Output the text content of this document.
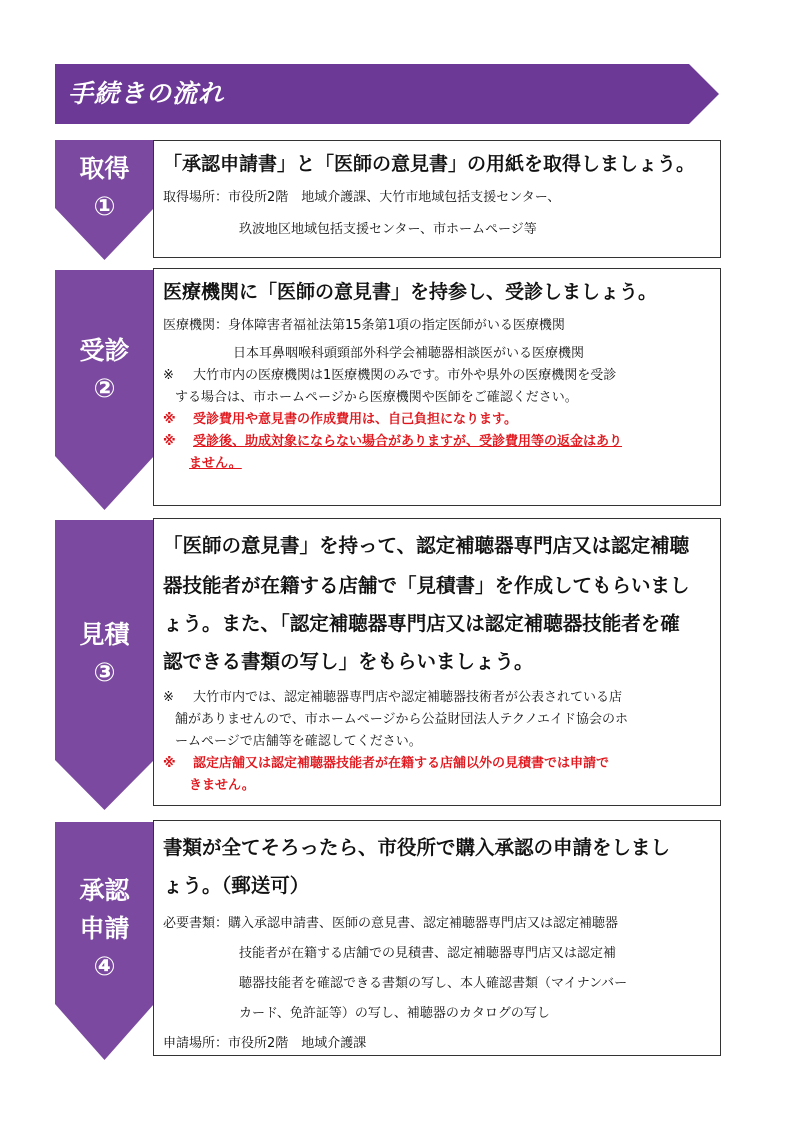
手続きの流れ
取得
①
「承認申請書」と「医師の意見書」の用紙を取得しましょう。

取得場所：市役所2階　地域介護課、大竹市地域包括支援センター、

玖波地区地域包括支援センター、市ホームページ等

受診
②
医療機関に「医師の意見書」を持参し、受診しましょう。

医療機関：身体障害者福祉法第15条第1項の指定医師がいる医療機関

日本耳鼻咽喉科頭頸部外科学会補聴器相談医がいる医療機関

※ 大竹市内の医療機関は1医療機関のみです。市外や県外の医療機関を受診

する場合は、市ホームページから医療機関や医師をご確認ください。

※ 受診費用や意見書の作成費用は、自己負担になります。

※ 受診後、助成対象にならない場合がありますが、受診費用等の返金はあり

ません。

見積
③
「医師の意見書」を持って、認定補聴器専門店又は認定補聴
器技能者が在籍する店舗で「見積書」を作成してもらいまし
ょう。また、「認定補聴器専門店又は認定補聴器技能者を確
認できる書類の写し」をもらいましょう。

※ 大竹市内では、認定補聴器専門店や認定補聴器技術者が公表されている店

舗がありませんので、市ホームページから公益財団法人テクノエイド協会のホ

ームページで店舗等を確認してください。

※ 認定店舗又は認定補聴器技能者が在籍する店舗以外の見積書では申請で

きません。

承認
申請
④
書類が全てそろったら、市役所で購入承認の申請をしまし
ょう。（郵送可）

必要書類：購入承認申請書、医師の意見書、認定補聴器専門店又は認定補聴器

技能者が在籍する店舗での見積書、認定補聴器専門店又は認定補

聴器技能者を確認できる書類の写し、本人確認書類（マイナンバー

カード、免許証等）の写し、補聴器のカタログの写し

申請場所：市役所2階　地域介護課
